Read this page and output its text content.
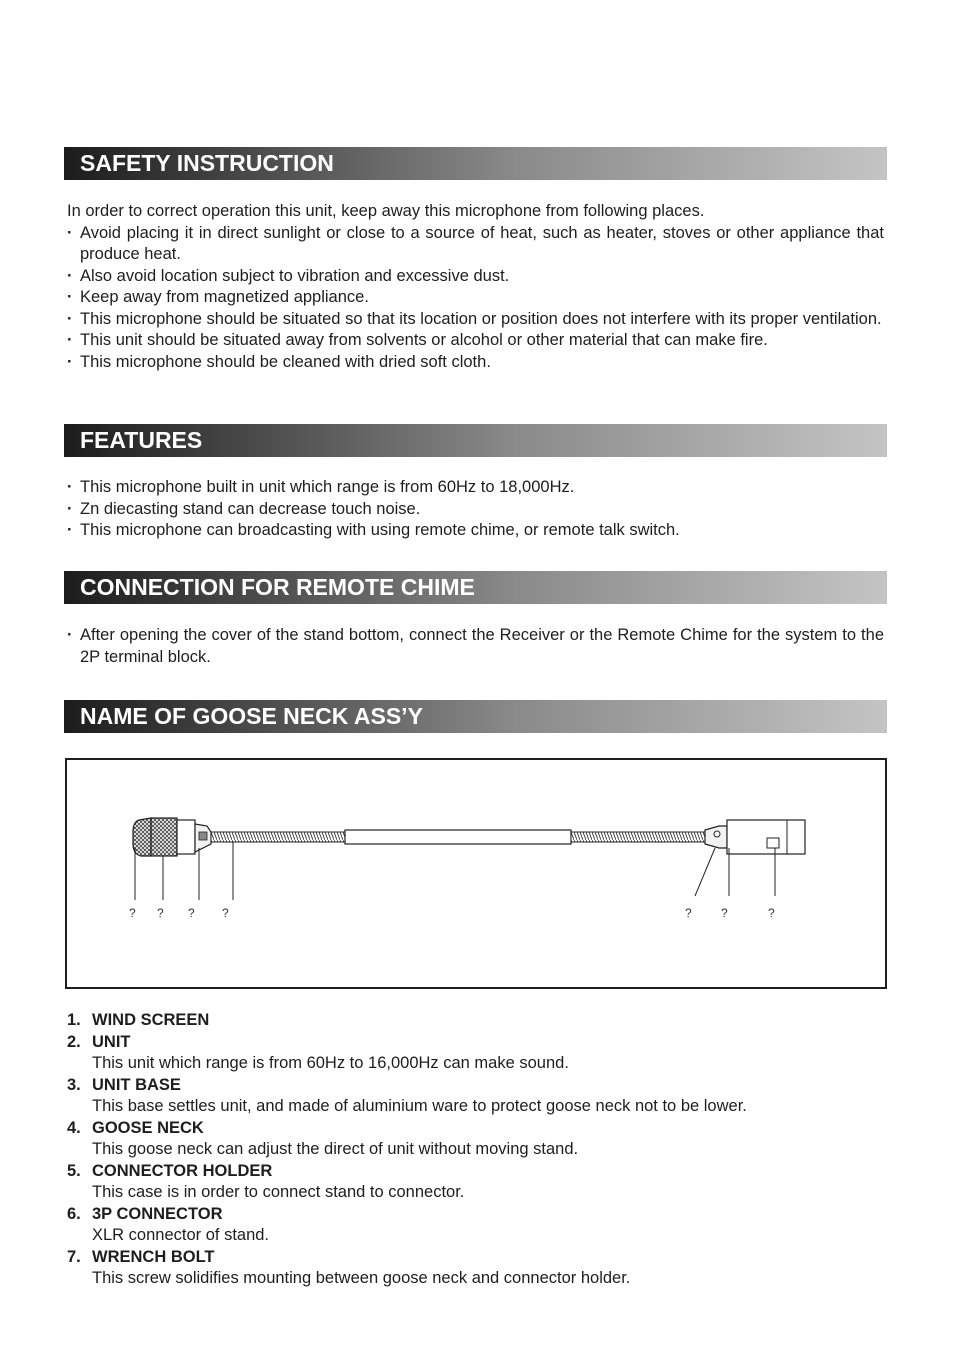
SAFETY INSTRUCTION

In order to correct operation this unit, keep away this microphone from following places.

· Avoid placing it in direct sunlight or close to a source of heat, such as heater, stoves or other appliance that produce heat.
· Also avoid location subject to vibration and excessive dust.
· Keep away from magnetized appliance.
· This microphone should be situated so that its location or position does not interfere with its proper ventilation.
· This unit should be situated away from solvents or alcohol or other material that can make fire.
· This microphone should be cleaned with dried soft cloth.
FEATURES
· This microphone built in unit which range is from 60Hz to 18,000Hz.
· Zn diecasting stand can decrease touch noise.
· This microphone can broadcasting with using remote chime, or remote talk switch.
CONNECTION FOR REMOTE CHIME
· After opening the cover of the stand bottom, connect the Receiver or the Remote Chime for the system to the 2P terminal block.
NAME OF GOOSE NECK ASS’Y
? ? ? ?	? ?	?
1. WIND SCREEN
2. UNIT
This unit which range is from 60Hz to 16,000Hz can make sound.
3. UNIT BASE
This base settles unit, and made of aluminium ware to protect goose neck not to be lower.
4. GOOSE NECK
This goose neck can adjust the direct of unit without moving stand.
5. CONNECTOR HOLDER
This case is in order to connect stand to connector.
6. 3P CONNECTOR
XLR connector of stand.
7. WRENCH BOLT
This screw solidifies mounting between goose neck and connector holder.
